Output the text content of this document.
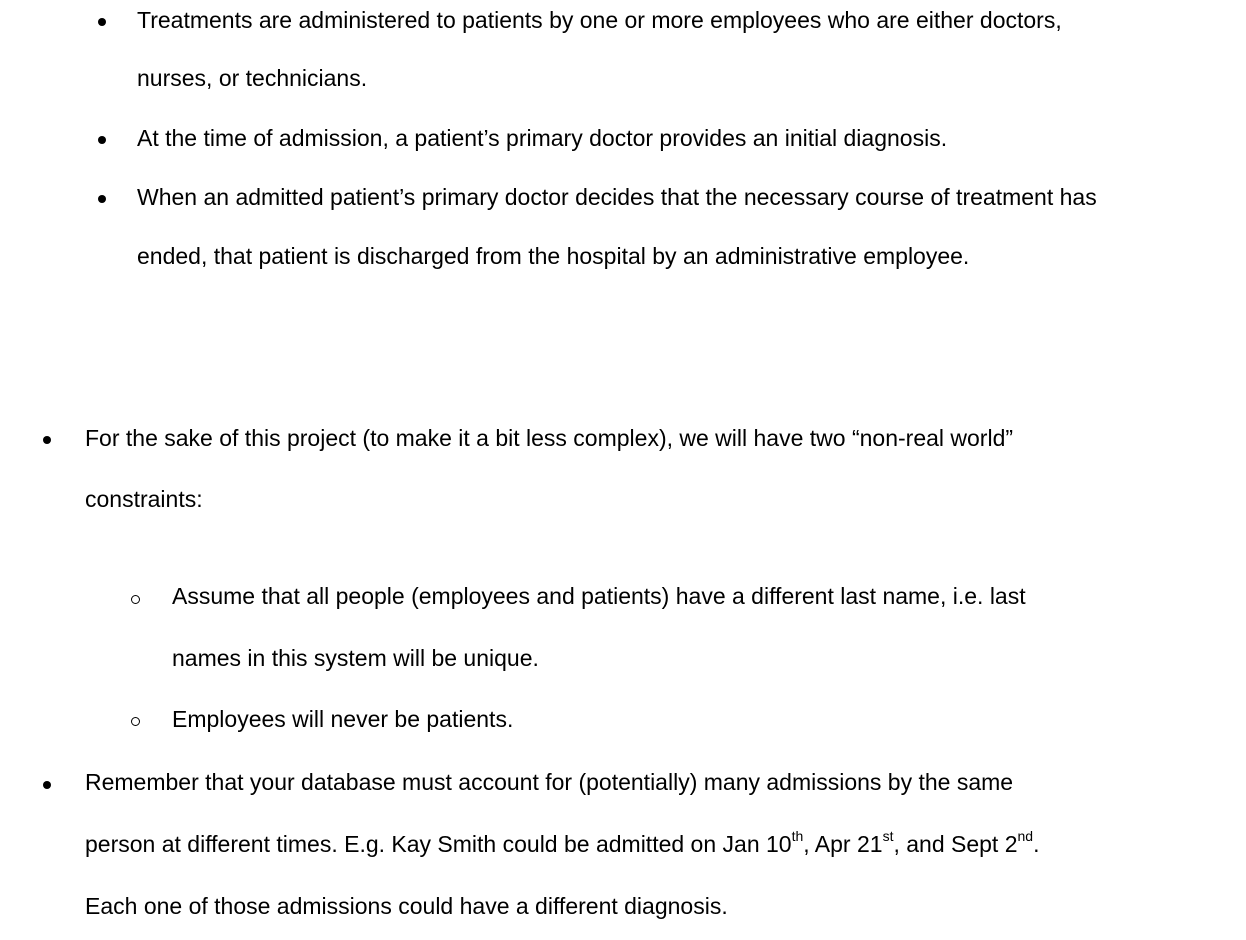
Treatments are administered to patients by one or more employees who are either doctors,
nurses, or technicians.
At the time of admission, a patient’s primary doctor provides an initial diagnosis.
When an admitted patient’s primary doctor decides that the necessary course of treatment has
ended, that patient is discharged from the hospital by an administrative employee.
For the sake of this project (to make it a bit less complex), we will have two “non-real world”
constraints:
Assume that all people (employees and patients) have a different last name, i.e. last
names in this system will be unique.
Employees will never be patients.
Remember that your database must account for (potentially) many admissions by the same
person at different times. E.g. Kay Smith could be admitted on Jan 10th, Apr 21st, and Sept 2nd.
Each one of those admissions could have a different diagnosis.
